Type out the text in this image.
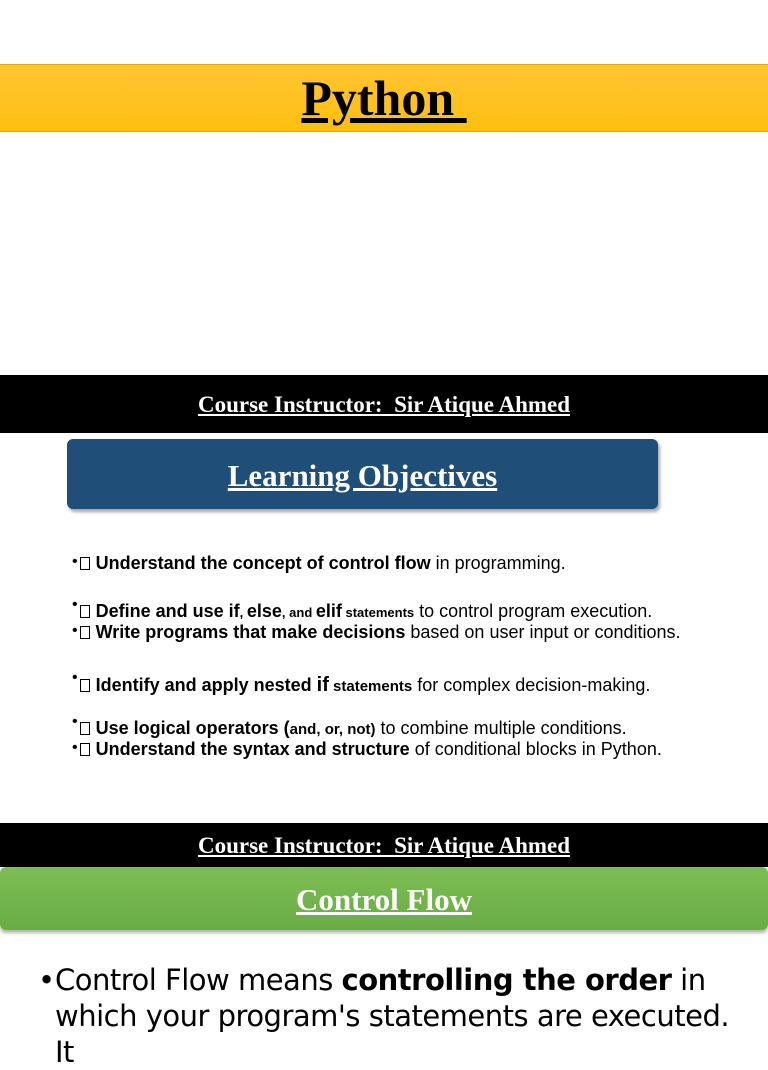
Python
Course Instructor:  Sir Atique Ahmed
Learning Objectives
• Understand the concept of control flow in programming.
• Define and use if, else, and elif statements to control program execution.
• Write programs that make decisions based on user input or conditions.
• Identify and apply nested if statements for complex decision-making.
• Use logical operators (and, or, not) to combine multiple conditions.
• Understand the syntax and structure of conditional blocks in Python.
Course Instructor:  Sir Atique Ahmed
Control Flow
•Control Flow means controlling the order in
which your program's statements are executed. It
